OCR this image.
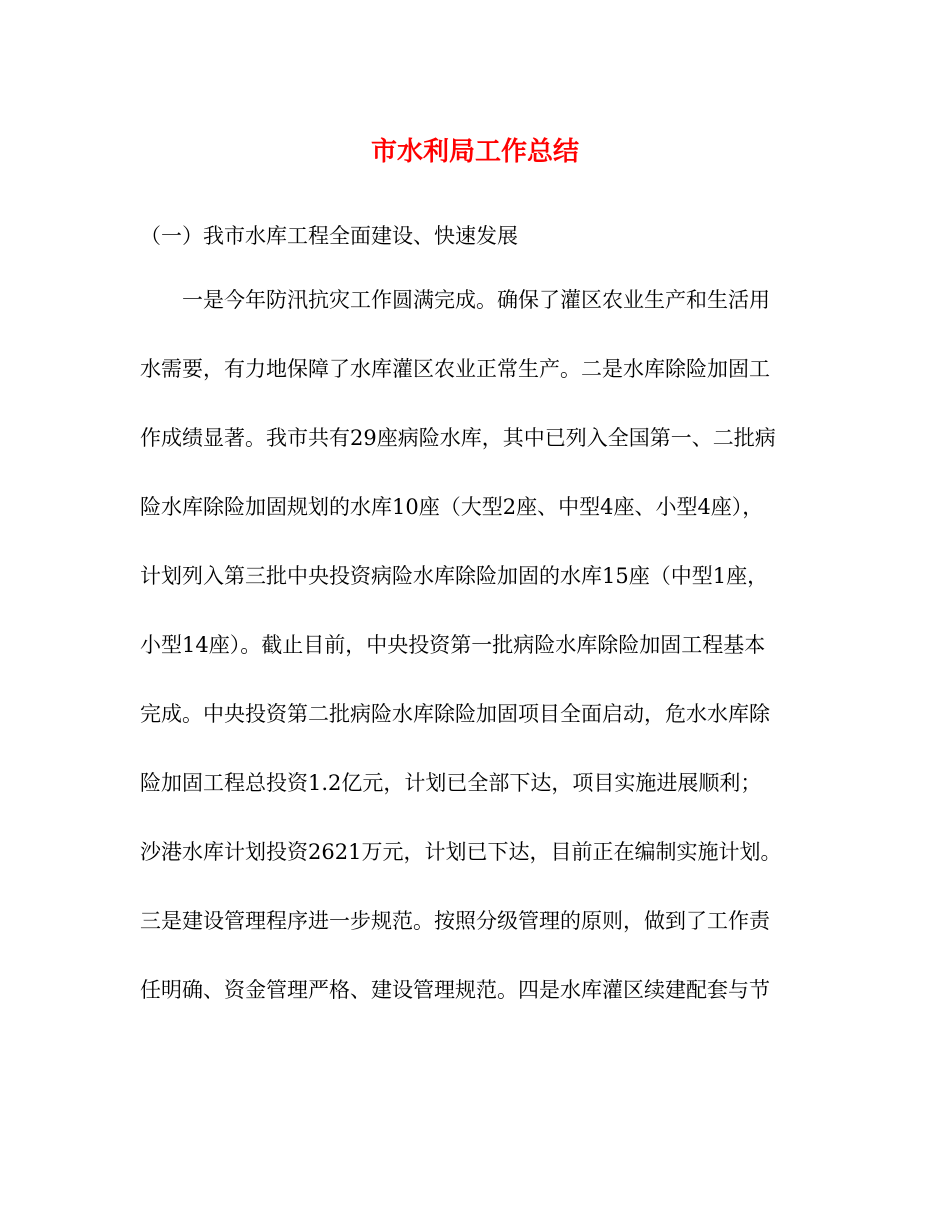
市水利局工作总结

（一）我市水库工程全面建设、快速发展

一是今年防汛抗灾工作圆满完成。确保了灌区农业生产和生活用
水需要，有力地保障了水库灌区农业正常生产。二是水库除险加固工
作成绩显著。我市共有29座病险水库，其中已列入全国第一、二批病
险水库除险加固规划的水库10座（大型2座、中型4座、小型4座），
计划列入第三批中央投资病险水库除险加固的水库15座（中型1座，
小型14座）。截止目前，中央投资第一批病险水库除险加固工程基本
完成。中央投资第二批病险水库除险加固项目全面启动，危水水库除
险加固工程总投资1.2亿元，计划已全部下达，项目实施进展顺利；
沙港水库计划投资2621万元，计划已下达，目前正在编制实施计划。
三是建设管理程序进一步规范。按照分级管理的原则，做到了工作责
任明确、资金管理严格、建设管理规范。四是水库灌区续建配套与节
